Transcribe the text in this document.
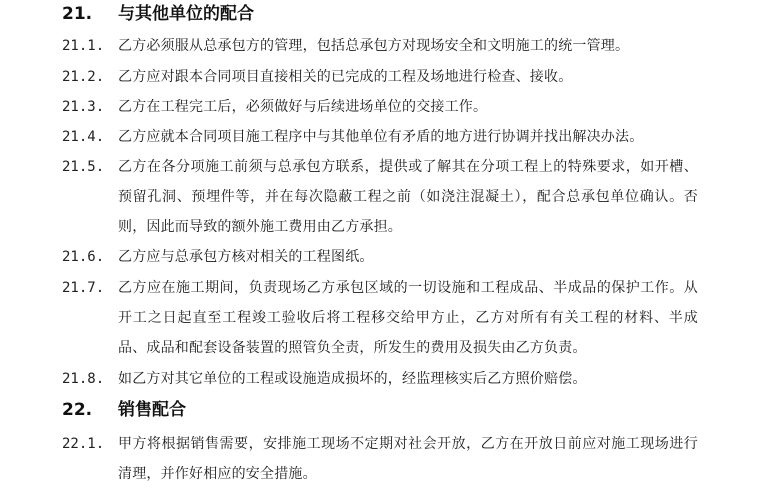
21. 与其他单位的配合
21.1. 乙方必须服从总承包方的管理，包括总承包方对现场安全和文明施工的统一管理。
21.2. 乙方应对跟本合同项目直接相关的已完成的工程及场地进行检查、接收。
21.3. 乙方在工程完工后，必须做好与后续进场单位的交接工作。
21.4. 乙方应就本合同项目施工程序中与其他单位有矛盾的地方进行协调并找出解决办法。
21.5. 乙方在各分项施工前须与总承包方联系，提供或了解其在分项工程上的特殊要求，如开槽、预留孔洞、预埋件等，并在每次隐蔽工程之前（如浇注混凝土），配合总承包单位确认。否则，因此而导致的额外施工费用由乙方承担。
21.6. 乙方应与总承包方核对相关的工程图纸。
21.7. 乙方应在施工期间，负责现场乙方承包区域的一切设施和工程成品、半成品的保护工作。从开工之日起直至工程竣工验收后将工程移交给甲方止，乙方对所有有关工程的材料、半成品、成品和配套设备装置的照管负全责，所发生的费用及损失由乙方负责。
21.8. 如乙方对其它单位的工程或设施造成损坏的，经监理核实后乙方照价赔偿。
22. 销售配合
22.1. 甲方将根据销售需要，安排施工现场不定期对社会开放，乙方在开放日前应对施工现场进行清理，并作好相应的安全措施。
